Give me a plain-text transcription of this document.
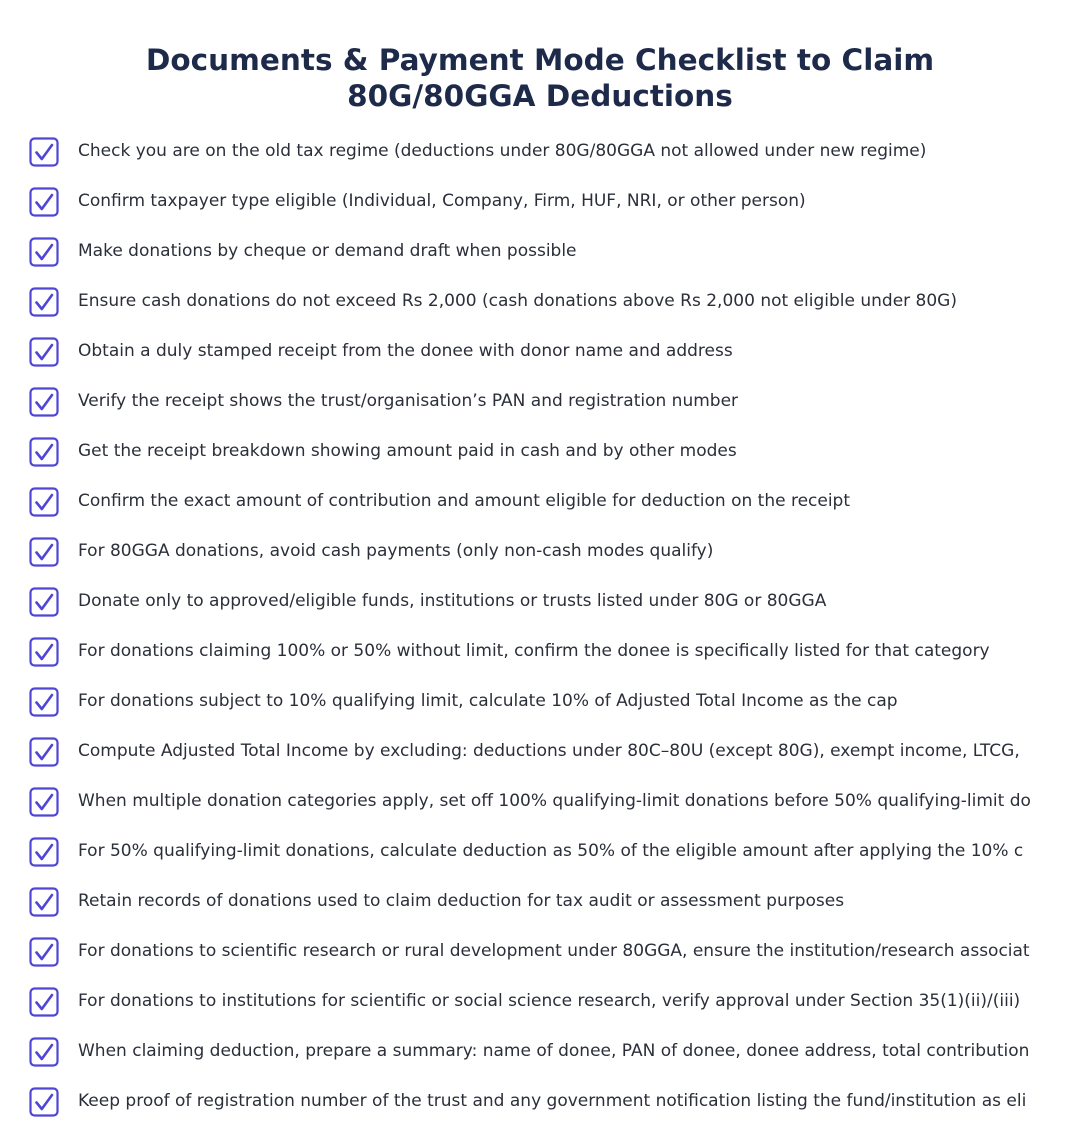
Documents & Payment Mode Checklist to Claim
80G/80GGA Deductions
Check you are on the old tax regime (deductions under 80G/80GGA not allowed under new regime)
Confirm taxpayer type eligible (Individual, Company, Firm, HUF, NRI, or other person)
Make donations by cheque or demand draft when possible
Ensure cash donations do not exceed Rs 2,000 (cash donations above Rs 2,000 not eligible under 80G)
Obtain a duly stamped receipt from the donee with donor name and address
Verify the receipt shows the trust/organisation’s PAN and registration number
Get the receipt breakdown showing amount paid in cash and by other modes
Confirm the exact amount of contribution and amount eligible for deduction on the receipt
For 80GGA donations, avoid cash payments (only non-cash modes qualify)
Donate only to approved/eligible funds, institutions or trusts listed under 80G or 80GGA
For donations claiming 100% or 50% without limit, confirm the donee is specifically listed for that category
For donations subject to 10% qualifying limit, calculate 10% of Adjusted Total Income as the cap
Compute Adjusted Total Income by excluding: deductions under 80C–80U (except 80G), exempt income, LTCG,
When multiple donation categories apply, set off 100% qualifying-limit donations before 50% qualifying-limit do
For 50% qualifying-limit donations, calculate deduction as 50% of the eligible amount after applying the 10% c
Retain records of donations used to claim deduction for tax audit or assessment purposes
For donations to scientific research or rural development under 80GGA, ensure the institution/research associat
For donations to institutions for scientific or social science research, verify approval under Section 35(1)(ii)/(iii)
When claiming deduction, prepare a summary: name of donee, PAN of donee, donee address, total contribution
Keep proof of registration number of the trust and any government notification listing the fund/institution as eli
